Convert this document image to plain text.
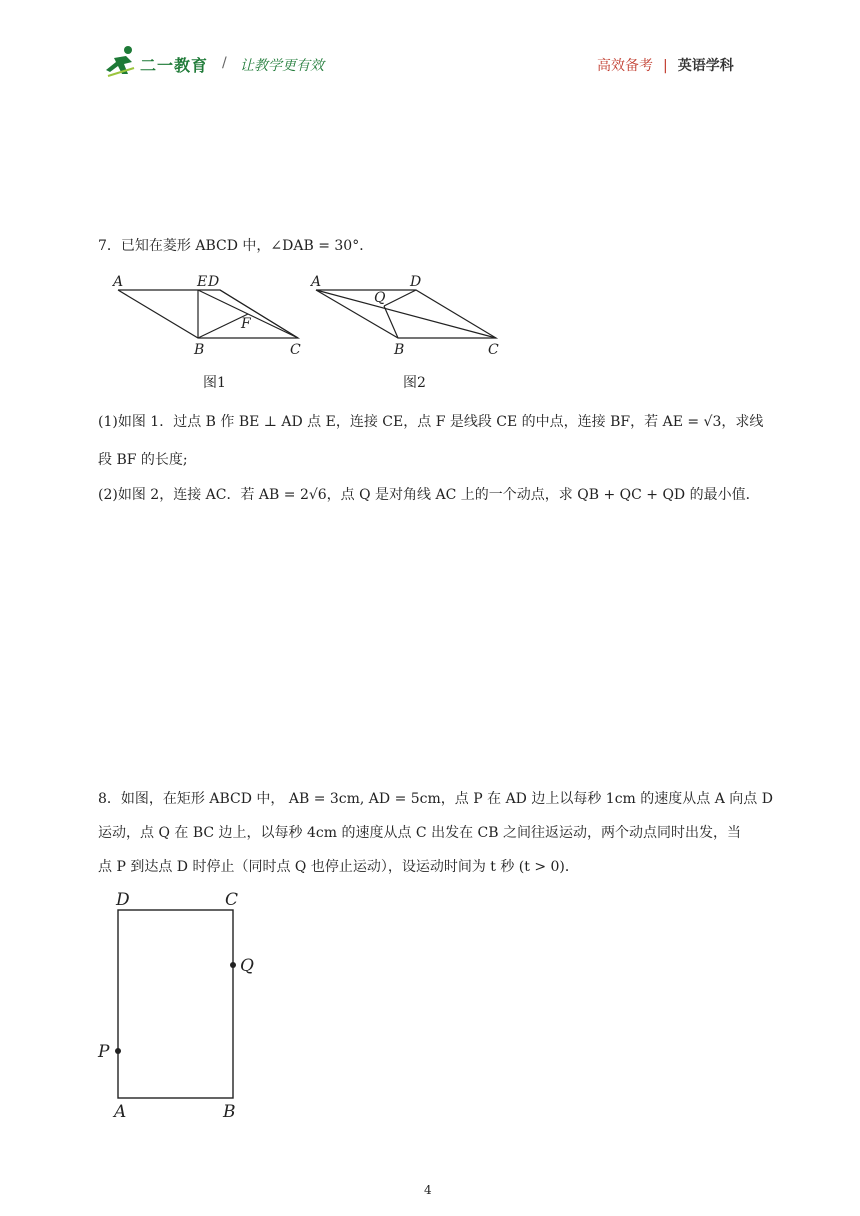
二一教育 / 让教学更有效	高效备考 | 英语学科
7．已知在菱形 ABCD 中，∠DAB = 30°．
A	E D
F
B	C
图1
A	D
Q
B	C
图2
(1)如图 1．过点 B 作 BE ⊥ AD 点 E，连接 CE，点 F 是线段 CE 的中点，连接 BF，若 AE = √3，求线
段 BF 的长度;
(2)如图 2，连接 AC．若 AB = 2√6，点 Q 是对角线 AC 上的一个动点，求 QB + QC + QD 的最小值．
8．如图，在矩形 ABCD 中， AB = 3cm, AD = 5cm，点 P 在 AD 边上以每秒 1cm 的速度从点 A 向点 D
运动，点 Q 在 BC 边上，以每秒 4cm 的速度从点 C 出发在 CB 之间往返运动，两个动点同时出发，当
点 P 到达点 D 时停止（同时点 Q 也停止运动），设运动时间为 t 秒 (t > 0)．
D	C
Q
P
A	B
4
